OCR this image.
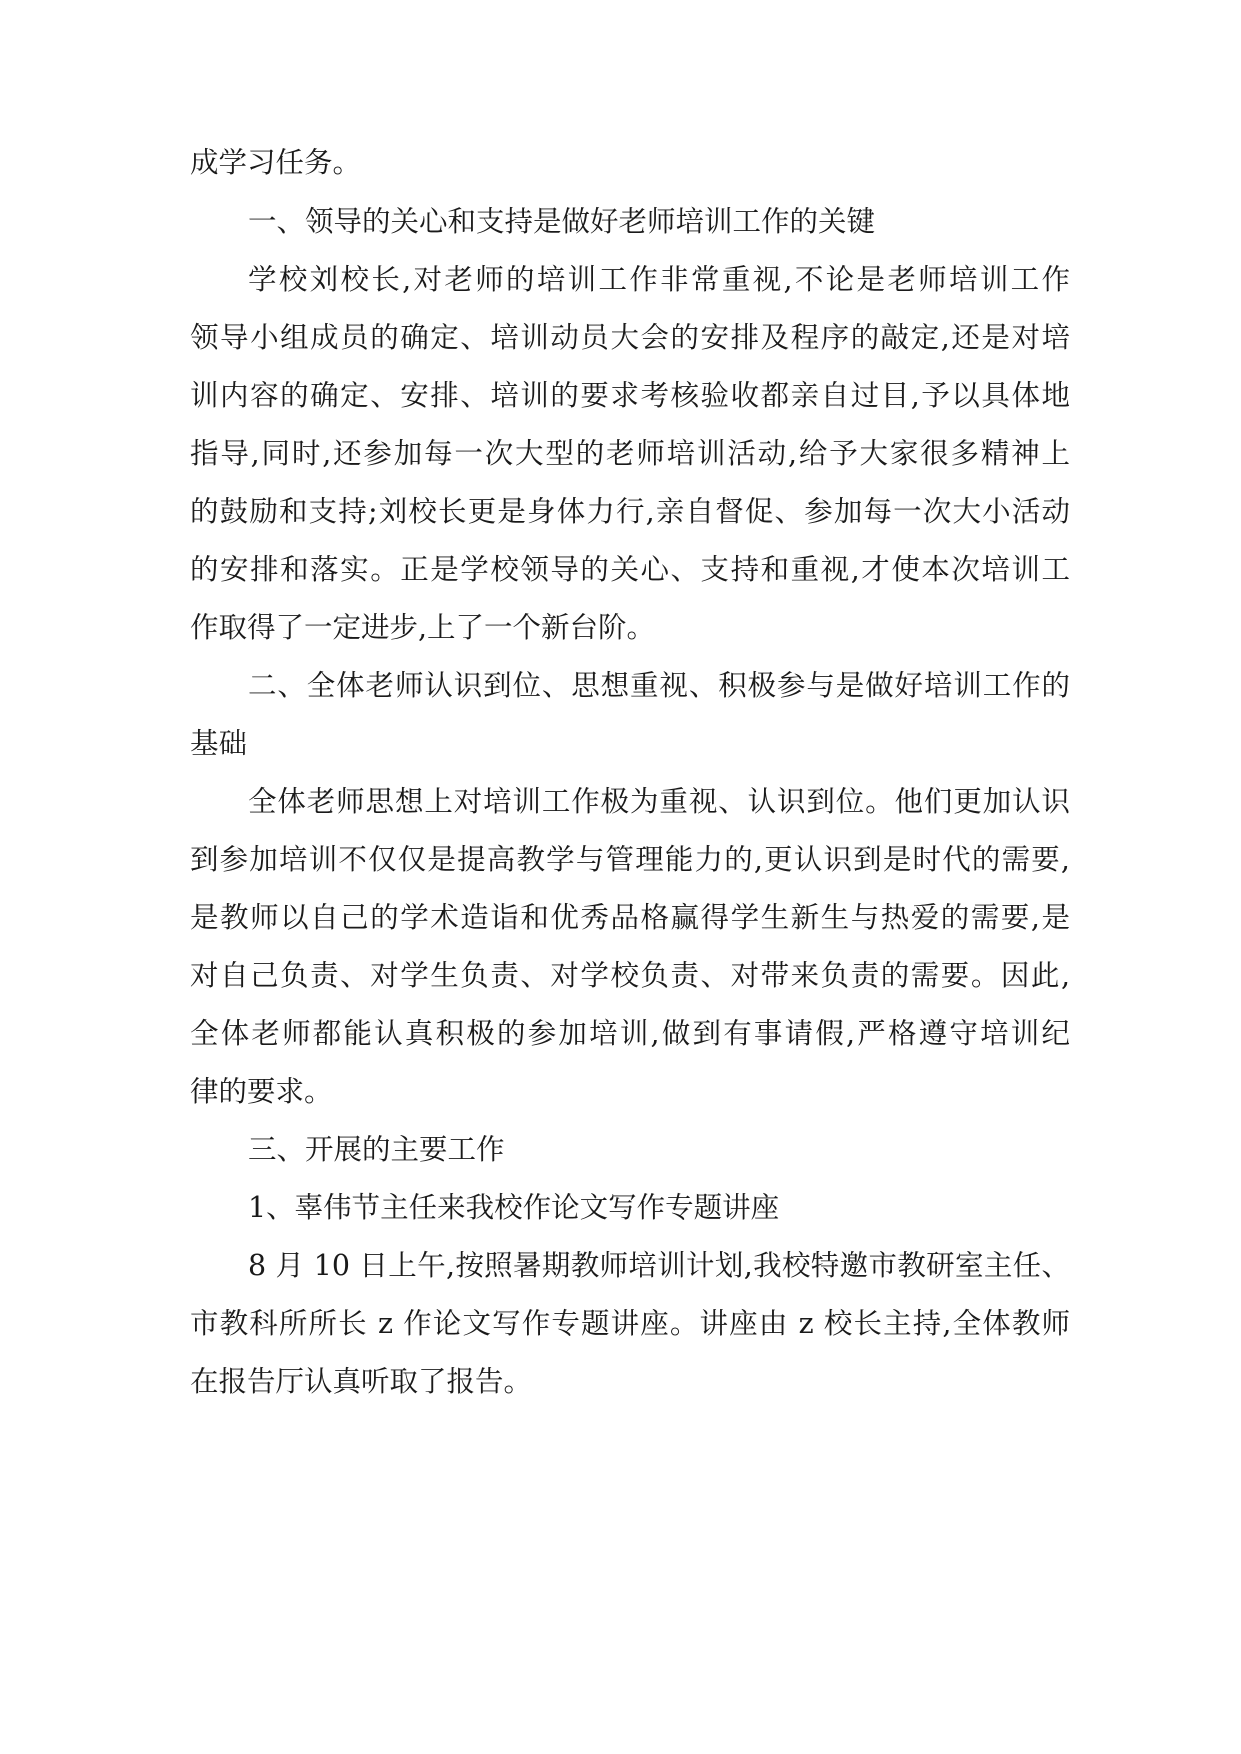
成学习任务。
一、领导的关心和支持是做好老师培训工作的关键
学校刘校长,对老师的培训工作非常重视,不论是老师培训工作
领导小组成员的确定、培训动员大会的安排及程序的敲定,还是对培
训内容的确定、安排、培训的要求考核验收都亲自过目,予以具体地
指导,同时,还参加每一次大型的老师培训活动,给予大家很多精神上
的鼓励和支持;刘校长更是身体力行,亲自督促、参加每一次大小活动
的安排和落实。正是学校领导的关心、支持和重视,才使本次培训工
作取得了一定进步,上了一个新台阶。
二、全体老师认识到位、思想重视、积极参与是做好培训工作的
基础
全体老师思想上对培训工作极为重视、认识到位。他们更加认识
到参加培训不仅仅是提高教学与管理能力的,更认识到是时代的需要,
是教师以自己的学术造诣和优秀品格赢得学生新生与热爱的需要,是
对自己负责、对学生负责、对学校负责、对带来负责的需要。因此,
全体老师都能认真积极的参加培训,做到有事请假,严格遵守培训纪
律的要求。
三、开展的主要工作
1、辜伟节主任来我校作论文写作专题讲座
8 月 10 日上午,按照暑期教师培训计划,我校特邀市教研室主任、
市教科所所长 z 作论文写作专题讲座。讲座由 z 校长主持,全体教师
在报告厅认真听取了报告。
